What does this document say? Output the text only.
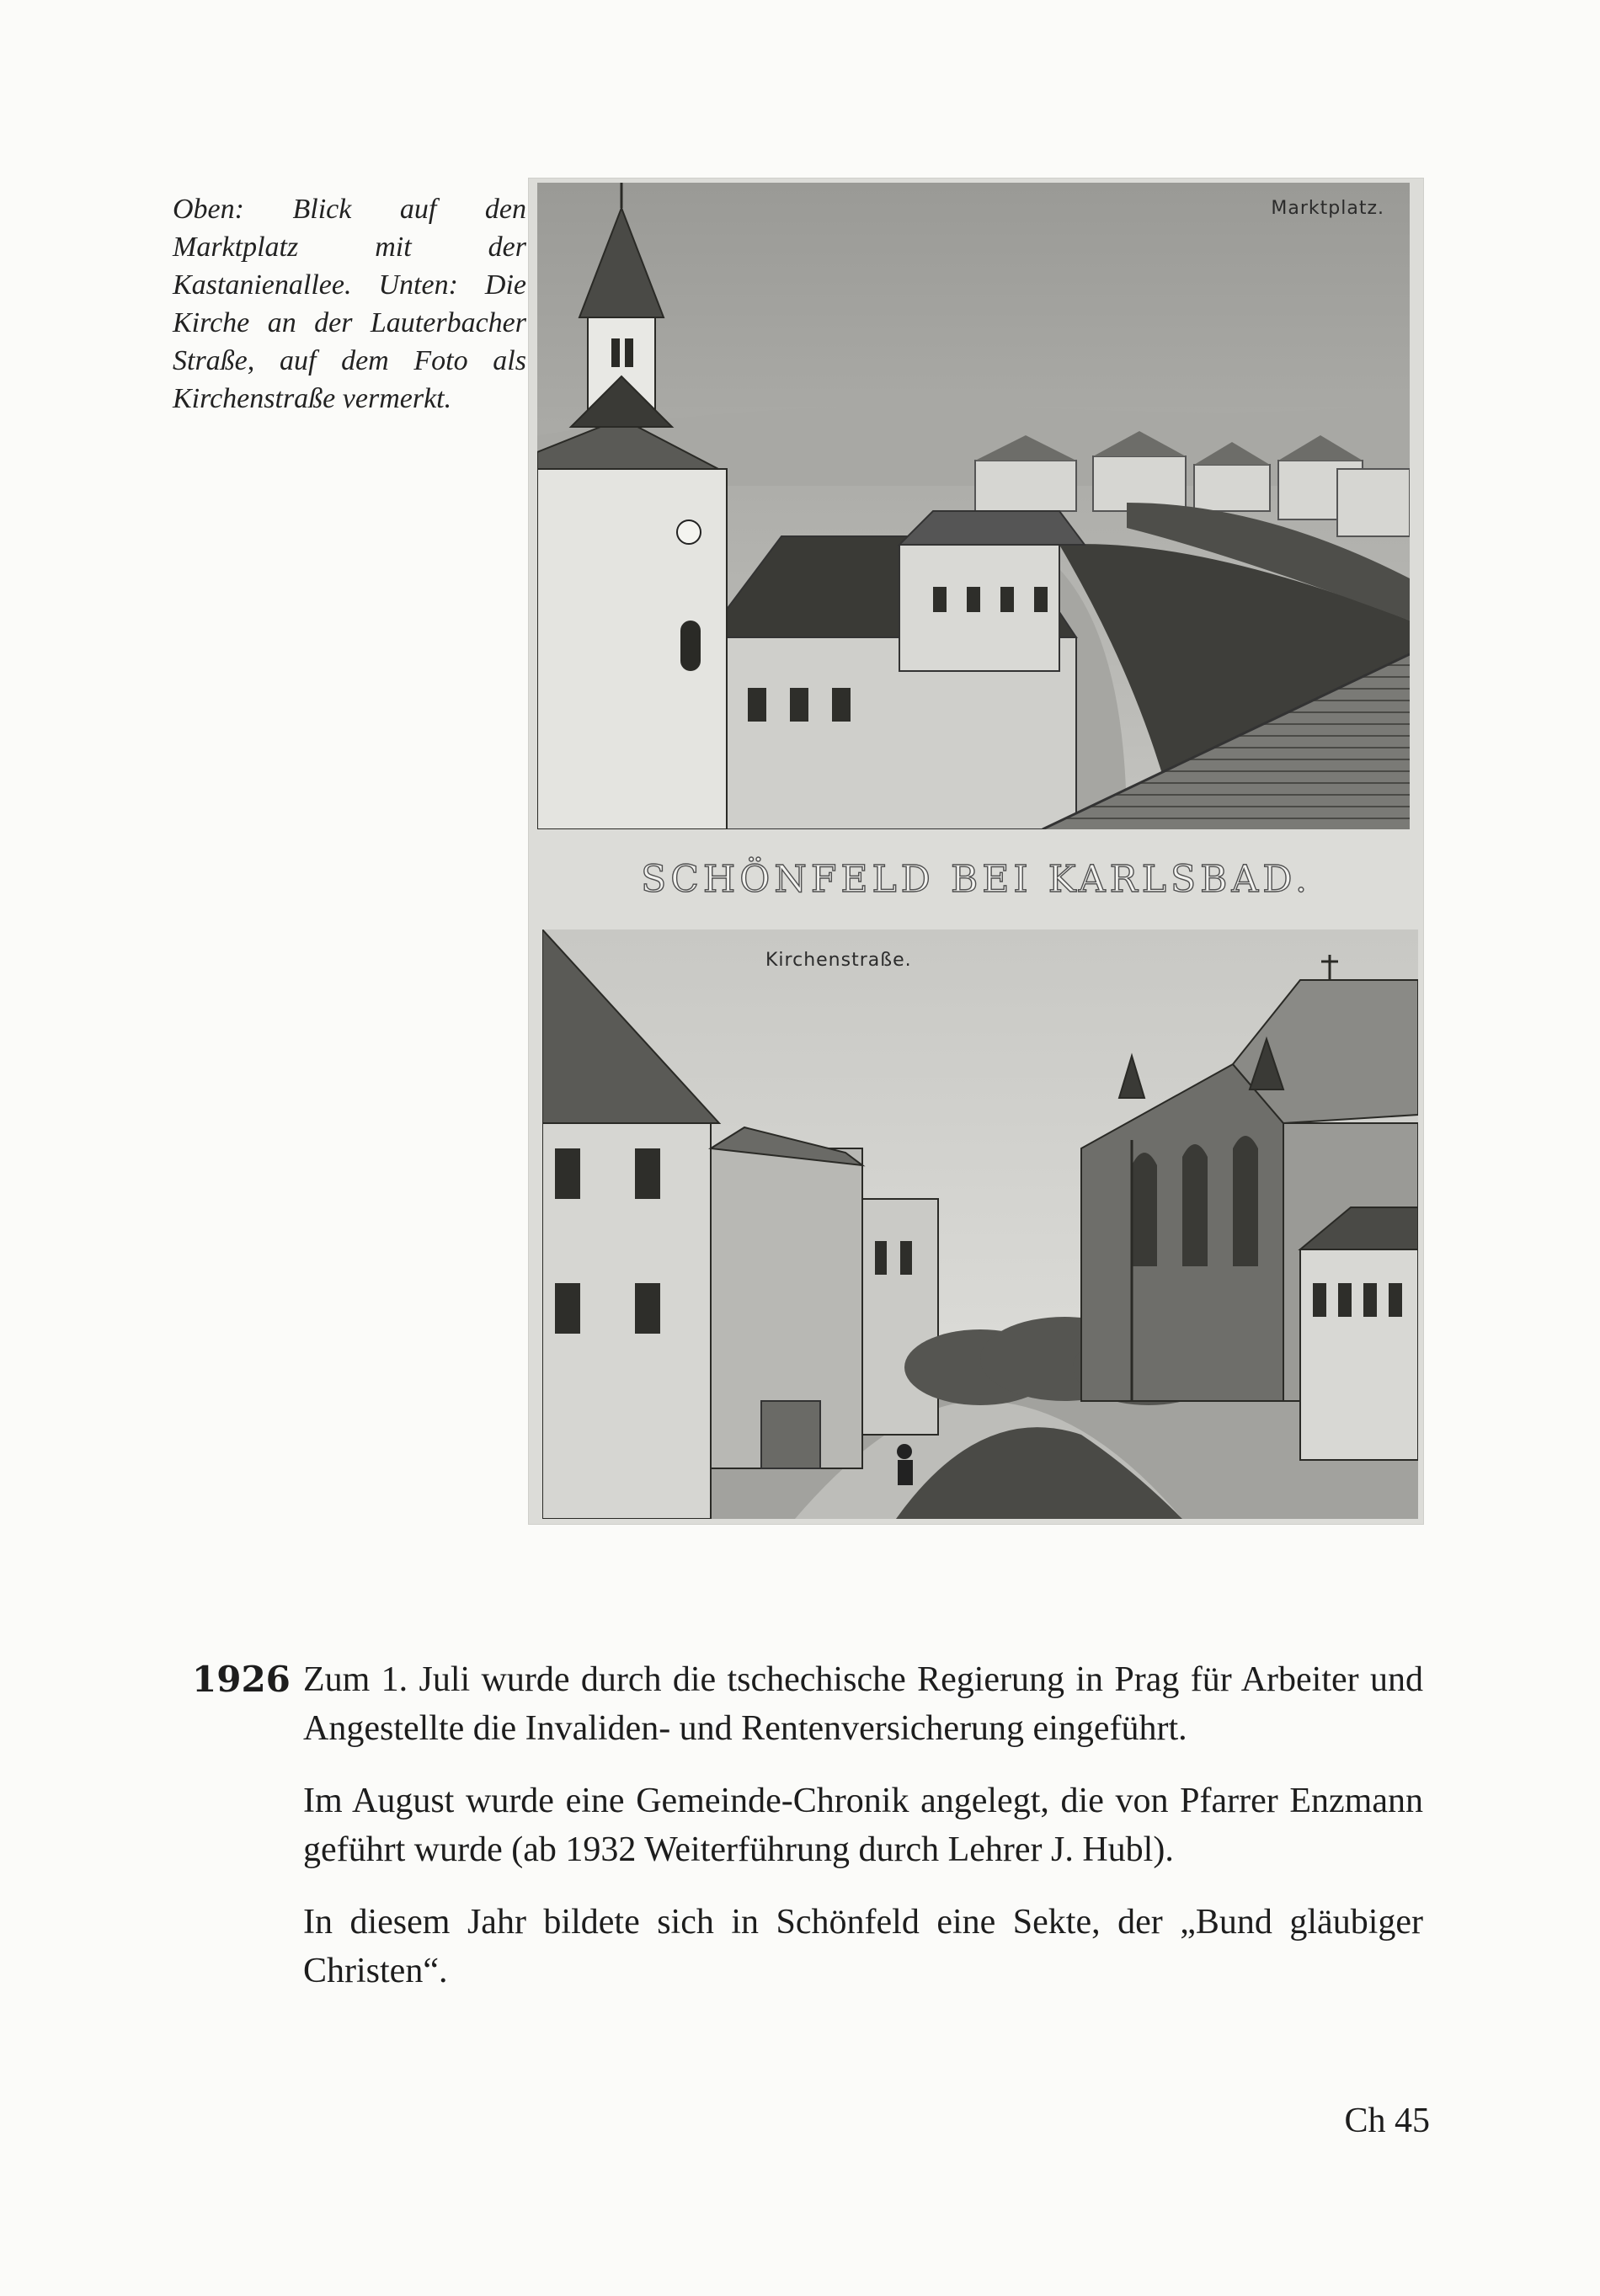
Oben: Blick auf den Marktplatz mit der Kastanienallee. Unten: Die Kirche an der Lauterbacher Straße, auf dem Foto als Kirchenstraße vermerkt.
Marktplatz.
SCHÖNFELD BEI KARLSBAD.
Kirchenstraße.
1926 Zum 1. Juli wurde durch die tschechische Regierung in Prag für Arbeiter und Angestellte die Invaliden- und Rentenversicherung eingeführt.

Im August wurde eine Gemeinde-Chronik angelegt, die von Pfarrer Enzmann geführt wurde (ab 1932 Weiterführung durch Lehrer J. Hubl).

In diesem Jahr bildete sich in Schönfeld eine Sekte, der „Bund gläubiger Christen“.

Ch 45
